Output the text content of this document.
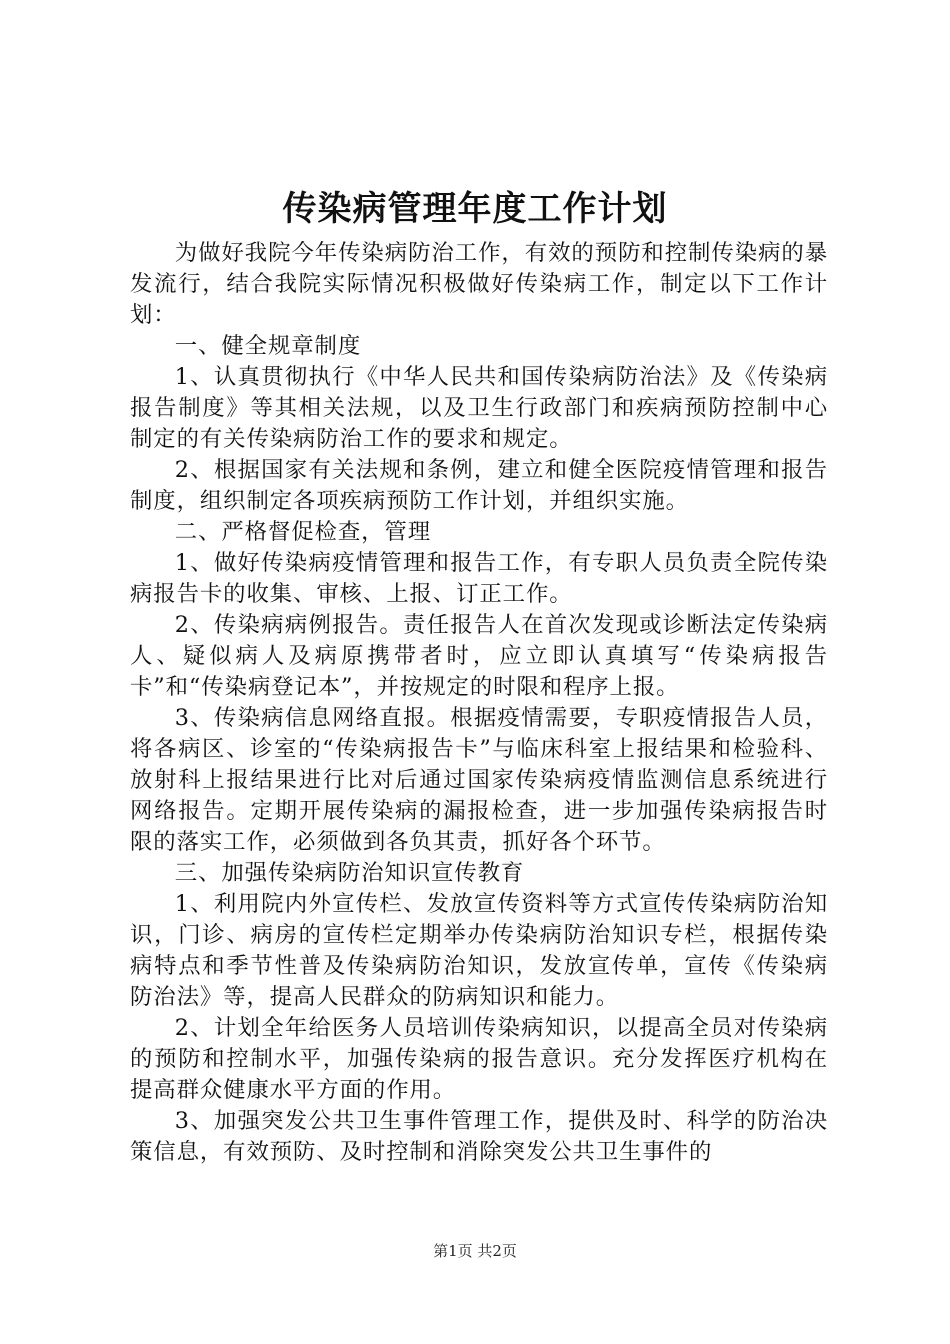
传染病管理年度工作计划

为做好我院今年传染病防治工作，有效的预防和控制传染病的暴发流行，结合我院实际情况积极做好传染病工作，制定以下工作计划：

一、健全规章制度

1、认真贯彻执行《中华人民共和国传染病防治法》及《传染病报告制度》等其相关法规，以及卫生行政部门和疾病预防控制中心制定的有关传染病防治工作的要求和规定。

2、根据国家有关法规和条例，建立和健全医院疫情管理和报告制度，组织制定各项疾病预防工作计划，并组织实施。

二、严格督促检查，管理

1、做好传染病疫情管理和报告工作，有专职人员负责全院传染病报告卡的收集、审核、上报、订正工作。

2、传染病病例报告。责任报告人在首次发现或诊断法定传染病人、疑似病人及病原携带者时，应立即认真填写“传染病报告卡”和“传染病登记本”，并按规定的时限和程序上报。

3、传染病信息网络直报。根据疫情需要，专职疫情报告人员，将各病区、诊室的“传染病报告卡”与临床科室上报结果和检验科、放射科上报结果进行比对后通过国家传染病疫情监测信息系统进行网络报告。定期开展传染病的漏报检查，进一步加强传染病报告时限的落实工作，必须做到各负其责，抓好各个环节。

三、加强传染病防治知识宣传教育

1、利用院内外宣传栏、发放宣传资料等方式宣传传染病防治知识，门诊、病房的宣传栏定期举办传染病防治知识专栏，根据传染病特点和季节性普及传染病防治知识，发放宣传单，宣传《传染病防治法》等，提高人民群众的防病知识和能力。

2、计划全年给医务人员培训传染病知识，以提高全员对传染病的预防和控制水平，加强传染病的报告意识。充分发挥医疗机构在提高群众健康水平方面的作用。

3、加强突发公共卫生事件管理工作，提供及时、科学的防治决策信息，有效预防、及时控制和消除突发公共卫生事件的

第1页 共2页
